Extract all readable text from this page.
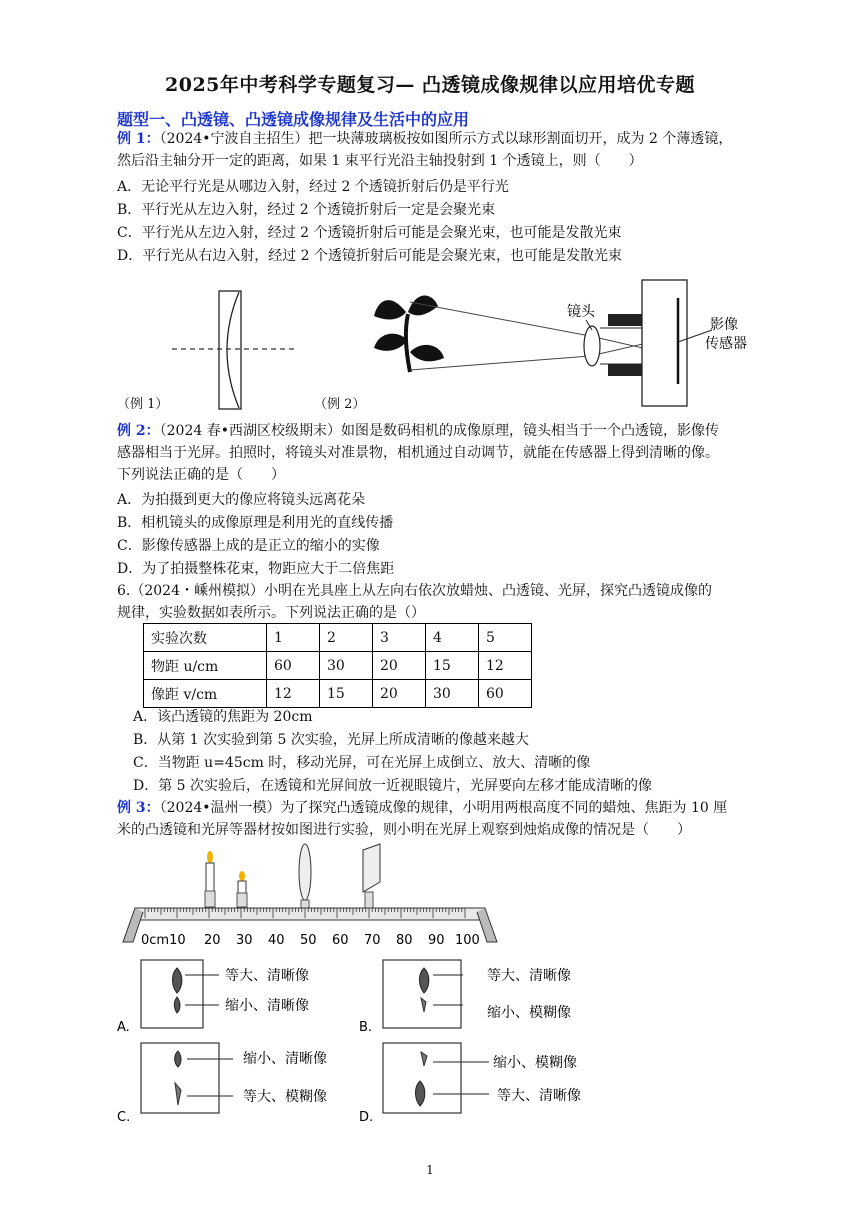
2025年中考科学专题复习— 凸透镜成像规律以应用培优专题
题型一、凸透镜、凸透镜成像规律及生活中的应用
例 1：（2024•宁波自主招生）把一块薄玻璃板按如图所示方式以球形割面切开，成为 2 个薄透镜，
然后沿主轴分开一定的距离，如果 1 束平行光沿主轴投射到 1 个透镜上，则（　　）
A．无论平行光是从哪边入射，经过 2 个透镜折射后仍是平行光
B．平行光从左边入射，经过 2 个透镜折射后一定是会聚光束
C．平行光从左边入射，经过 2 个透镜折射后可能是会聚光束，也可能是发散光束
D．平行光从右边入射，经过 2 个透镜折射后可能是会聚光束，也可能是发散光束
（例 1）
镜头
影像
传感器
（例 2）
例 2：（2024 春•西湖区校级期末）如图是数码相机的成像原理，镜头相当于一个凸透镜，影像传
感器相当于光屏。拍照时，将镜头对准景物，相机通过自动调节，就能在传感器上得到清晰的像。
下列说法正确的是（　　）
A．为拍摄到更大的像应将镜头远离花朵
B．相机镜头的成像原理是利用光的直线传播
C．影像传感器上成的是正立的缩小的实像
D．为了拍摄整株花束，物距应大于二倍焦距
6.（2024・嵊州模拟）小明在光具座上从左向右依次放蜡烛、凸透镜、光屏，探究凸透镜成像的
规律，实验数据如表所示。下列说法正确的是（）
实验次数	1	2	3	4	5
物距 u/cm	60	30	20	15	12
像距 v/cm	12	15	20	30	60
A．该凸透镜的焦距为 20cm
B．从第 1 次实验到第 5 次实验，光屏上所成清晰的像越来越大
C．当物距 u=45cm 时，移动光屏，可在光屏上成倒立、放大、清晰的像
D．第 5 次实验后，在透镜和光屏间放一近视眼镜片，光屏要向左移才能成清晰的像
例 3：（2024•温州一模）为了探究凸透镜成像的规律，小明用两根高度不同的蜡烛、焦距为 10 厘
米的凸透镜和光屏等器材按如图进行实验，则小明在光屏上观察到烛焰成像的情况是（　　）
0cm10 20 30 40 50 60 70 80 90 100
等大、清晰像
缩小、清晰像
A.
等大、清晰像
缩小、模糊像
B.
缩小、清晰像
等大、模糊像
C.
缩小、模糊像
等大、清晰像
D.
1
